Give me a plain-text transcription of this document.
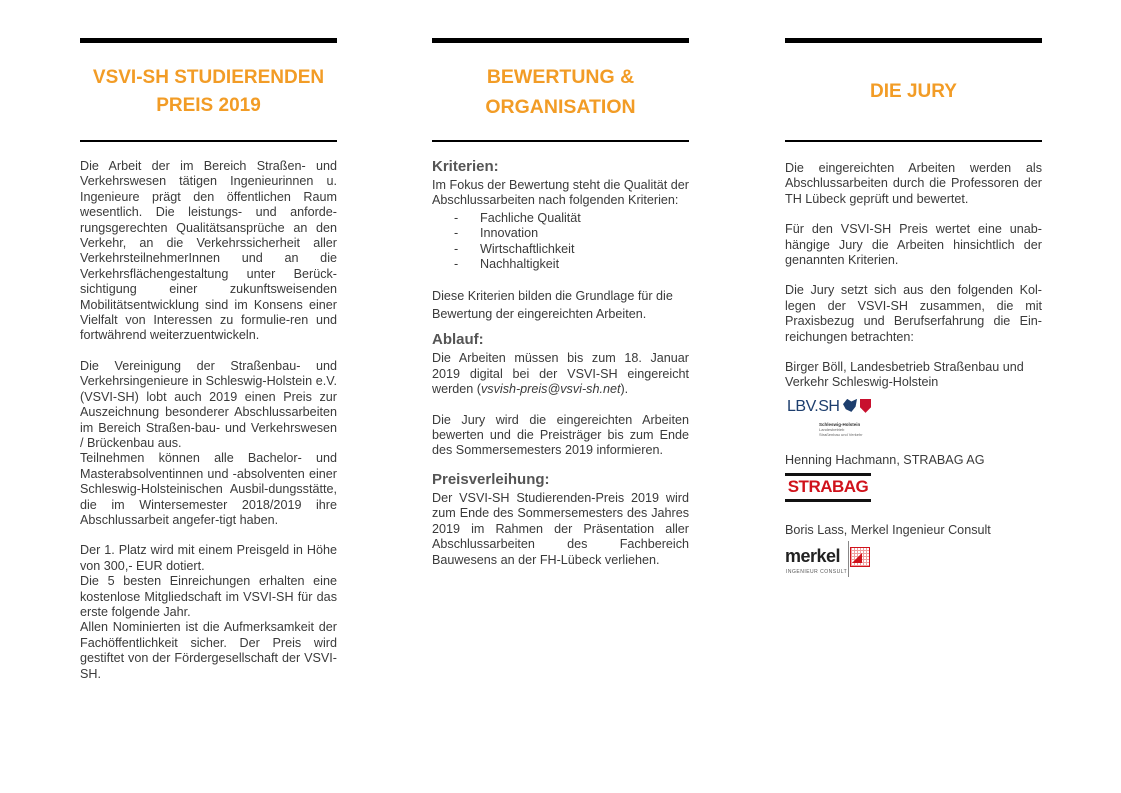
VSVI-SH STUDIERENDEN PREIS 2019

Die Arbeit der im Bereich Straßen- und Verkehrswesen tätigen Ingenieurinnen u. Ingenieure prägt den öffentlichen Raum wesentlich. Die leistungs- und anforde-rungsgerechten Qualitätsansprüche an den Verkehr, an die Verkehrssicherheit aller VerkehrsteilnehmerInnen und an die Verkehrsflächengestaltung unter Berück-sichtigung einer zukunftsweisenden Mobilitätsentwicklung sind im Konsens einer Vielfalt von Interessen zu formulie-ren und fortwährend weiterzuentwickeln.

Die Vereinigung der Straßenbau- und Verkehrsingenieure in Schleswig-Holstein e.V. (VSVI-SH) lobt auch 2019 einen Preis zur Auszeichnung besonderer Abschlussarbeiten im Bereich Straßen-bau- und Verkehrswesen / Brückenbau aus.

Teilnehmen können alle Bachelor- und Masterabsolventinnen und -absolventen einer Schleswig-Holsteinischen Ausbil-dungsstätte, die im Wintersemester 2018/2019 ihre Abschlussarbeit angefer-tigt haben.

Der 1. Platz wird mit einem Preisgeld in Höhe von 300,- EUR dotiert.

Die 5 besten Einreichungen erhalten eine kostenlose Mitgliedschaft im VSVI-SH für das erste folgende Jahr.

Allen Nominierten ist die Aufmerksamkeit der Fachöffentlichkeit sicher. Der Preis wird gestiftet von der Fördergesellschaft der VSVI-SH.

BEWERTUNG & ORGANISATION
Kriterien:

Im Fokus der Bewertung steht die Qualität der Abschlussarbeiten nach folgenden Kriterien:

-	Fachliche Qualität
-	Innovation
-	Wirtschaftlichkeit
-	Nachhaltigkeit

Diese Kriterien bilden die Grundlage für die Bewertung der eingereichten Arbeiten.

Ablauf:

Die Arbeiten müssen bis zum 18. Januar 2019 digital bei der VSVI-SH eingereicht werden (vsvish-preis@vsvi-sh.net).

Die Jury wird die eingereichten Arbeiten bewerten und die Preisträger bis zum Ende des Sommersemesters 2019 informieren.

Preisverleihung:

Der VSVI-SH Studierenden-Preis 2019 wird zum Ende des Sommersemesters des Jahres 2019 im Rahmen der Präsentation aller Abschlussarbeiten des Fachbereich Bauwesens an der FH-Lübeck verliehen.

DIE JURY

Die eingereichten Arbeiten werden als Abschlussarbeiten durch die Professoren der TH Lübeck geprüft und bewertet.

Für den VSVI-SH Preis wertet eine unab-hängige Jury die Arbeiten hinsichtlich der genannten Kriterien.

Die Jury setzt sich aus den folgenden Kol-legen der VSVI-SH zusammen, die mit Praxisbezug und Berufserfahrung die Ein-reichungen betrachten:

Birger Böll, Landesbetrieb Straßenbau und Verkehr Schleswig-Holstein

LBV.SH
Schleswig-Holstein
Landesbetrieb
Straßenbau und Verkehr

Henning Hachmann, STRABAG AG

STRABAG

Boris Lass, Merkel Ingenieur Consult

merkel
INGENIEUR CONSULT
